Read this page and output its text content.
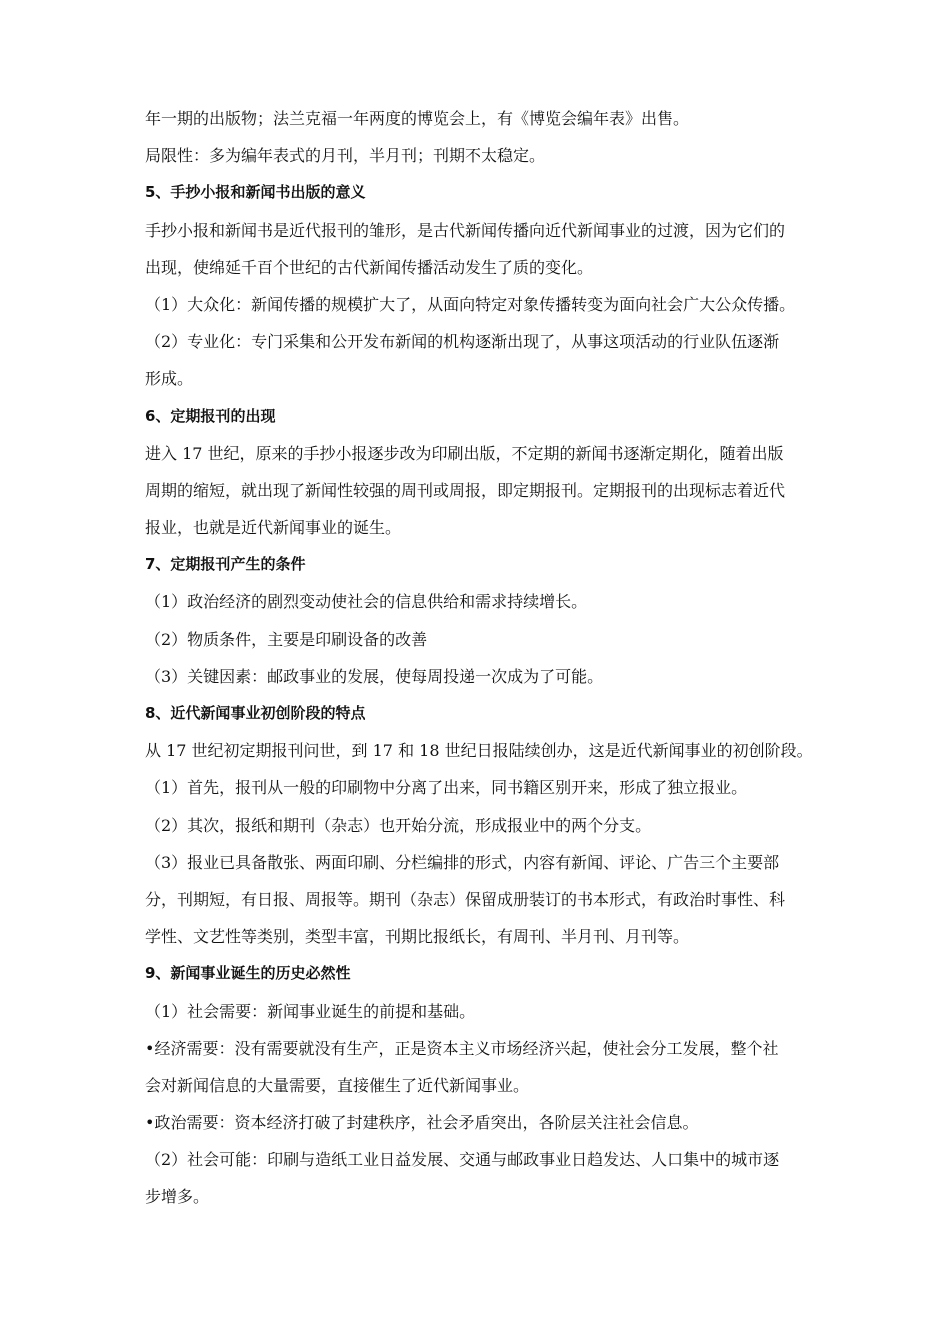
年一期的出版物；法兰克福一年两度的博览会上，有《博览会编年表》出售。
局限性：多为编年表式的月刊，半月刊；刊期不太稳定。
5、手抄小报和新闻书出版的意义
手抄小报和新闻书是近代报刊的雏形，是古代新闻传播向近代新闻事业的过渡，因为它们的
出现，使绵延千百个世纪的古代新闻传播活动发生了质的变化。
（1）大众化：新闻传播的规模扩大了，从面向特定对象传播转变为面向社会广大公众传播。
（2）专业化：专门采集和公开发布新闻的机构逐渐出现了，从事这项活动的行业队伍逐渐
形成。
6、定期报刊的出现
进入 17 世纪，原来的手抄小报逐步改为印刷出版，不定期的新闻书逐渐定期化，随着出版
周期的缩短，就出现了新闻性较强的周刊或周报，即定期报刊。定期报刊的出现标志着近代
报业，也就是近代新闻事业的诞生。
7、定期报刊产生的条件
（1）政治经济的剧烈变动使社会的信息供给和需求持续增长。
（2）物质条件，主要是印刷设备的改善
（3）关键因素：邮政事业的发展，使每周投递一次成为了可能。
8、近代新闻事业初创阶段的特点
从 17 世纪初定期报刊问世，到 17 和 18 世纪日报陆续创办，这是近代新闻事业的初创阶段。
（1）首先，报刊从一般的印刷物中分离了出来，同书籍区别开来，形成了独立报业。
（2）其次，报纸和期刊（杂志）也开始分流，形成报业中的两个分支。
（3）报业已具备散张、两面印刷、分栏编排的形式，内容有新闻、评论、广告三个主要部
分，刊期短，有日报、周报等。期刊（杂志）保留成册装订的书本形式，有政治时事性、科
学性、文艺性等类别，类型丰富，刊期比报纸长，有周刊、半月刊、月刊等。
9、新闻事业诞生的历史必然性
（1）社会需要：新闻事业诞生的前提和基础。
•经济需要：没有需要就没有生产，正是资本主义市场经济兴起，使社会分工发展，整个社
会对新闻信息的大量需要，直接催生了近代新闻事业。
•政治需要：资本经济打破了封建秩序，社会矛盾突出，各阶层关注社会信息。
（2）社会可能：印刷与造纸工业日益发展、交通与邮政事业日趋发达、人口集中的城市逐
步增多。
